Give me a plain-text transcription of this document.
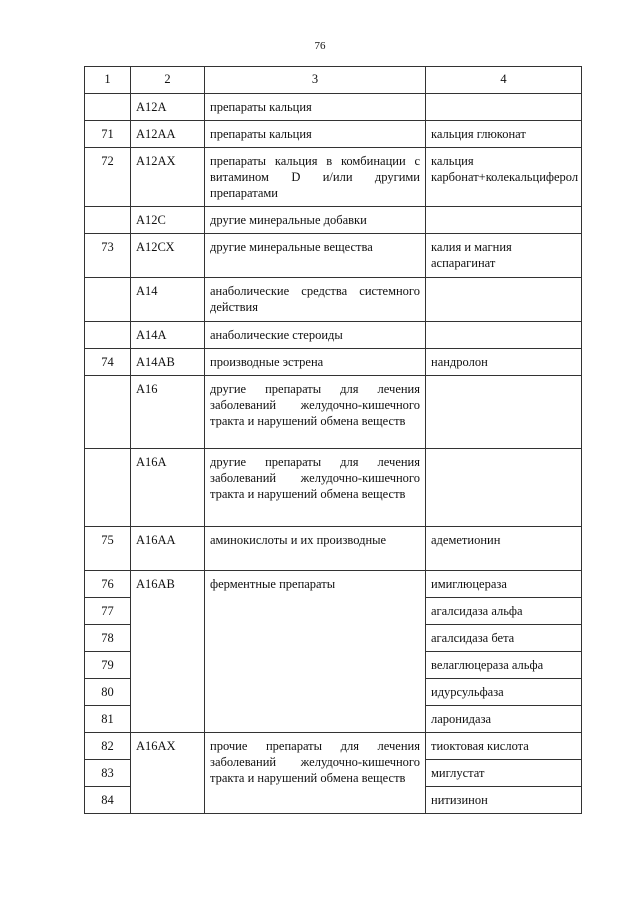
76
1	2	3	4
	А12А	препараты кальция	
71	А12АА	препараты кальция	кальция глюконат
72	А12АХ	препараты кальция в комбинации с витамином D и/или другими препаратами	кальция карбонат+колекальциферол
	А12С	другие минеральные добавки	
73	А12СХ	другие минеральные вещества	калия и магния аспарагинат
	А14	анаболические средства системного действия	
	А14А	анаболические стероиды	
74	А14АВ	производные эстрена	нандролон
	А16	другие препараты для лечения заболеваний желудочно-кишечного тракта и нарушений обмена веществ	
	А16А	другие препараты для лечения заболеваний желудочно-кишечного тракта и нарушений обмена веществ	
75	А16АА	аминокислоты и их производные	адеметионин
76	А16АВ	ферментные препараты	имиглюцераза
77			агалсидаза альфа
78			агалсидаза бета
79			велаглюцераза альфа
80			идурсульфаза
81			ларонидаза
82	А16АХ	прочие препараты для лечения заболеваний желудочно-кишечного тракта и нарушений обмена веществ	тиоктовая кислота
83			миглустат
84			нитизинон
